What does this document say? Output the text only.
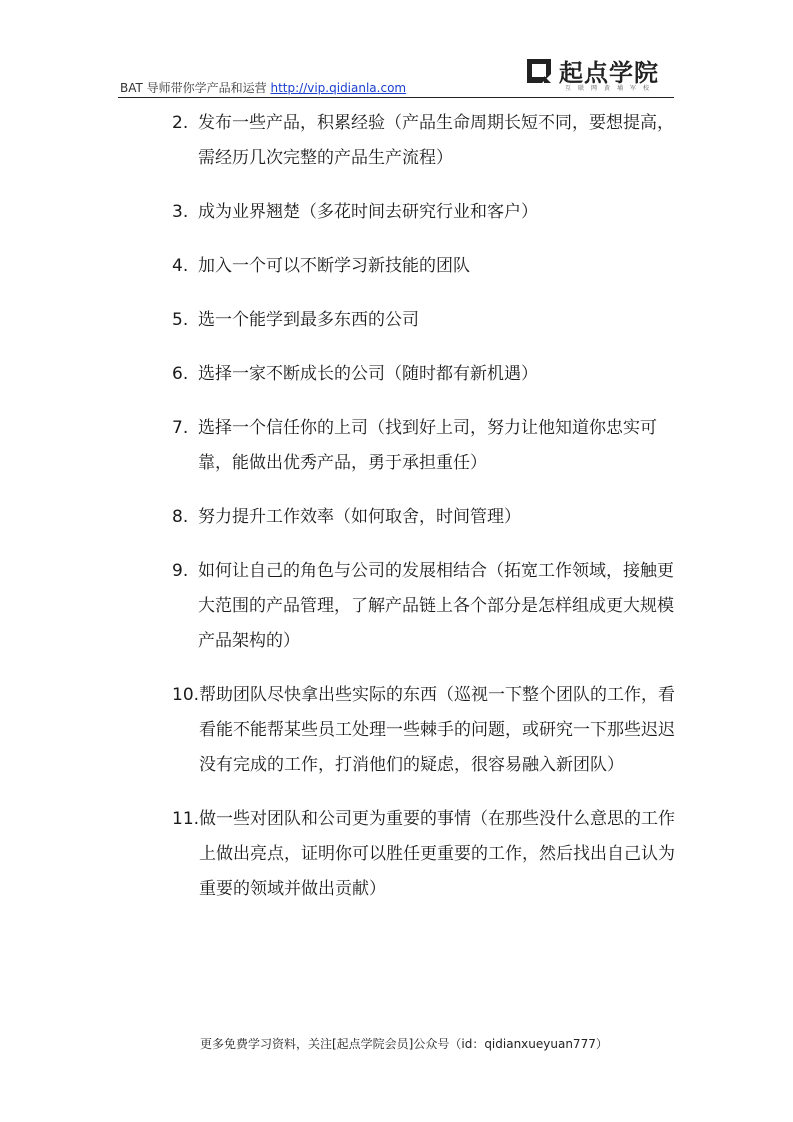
BAT 导师带你学产品和运营 http://vip.qidianla.com
起点学院
互联网黄埔军校
2. 发布一些产品，积累经验（产品生命周期长短不同，要想提高，需经历几次完整的产品生产流程）
3. 成为业界翘楚（多花时间去研究行业和客户）
4. 加入一个可以不断学习新技能的团队
5. 选一个能学到最多东西的公司
6. 选择一家不断成长的公司（随时都有新机遇）
7. 选择一个信任你的上司（找到好上司，努力让他知道你忠实可靠，能做出优秀产品，勇于承担重任）
8. 努力提升工作效率（如何取舍，时间管理）
9. 如何让自己的角色与公司的发展相结合（拓宽工作领域，接触更大范围的产品管理，了解产品链上各个部分是怎样组成更大规模产品架构的）
10. 帮助团队尽快拿出些实际的东西（巡视一下整个团队的工作，看看能不能帮某些员工处理一些棘手的问题，或研究一下那些迟迟没有完成的工作，打消他们的疑虑，很容易融入新团队）
11. 做一些对团队和公司更为重要的事情（在那些没什么意思的工作上做出亮点，证明你可以胜任更重要的工作，然后找出自己认为重要的领域并做出贡献）
更多免费学习资料，关注[起点学院会员]公众号（id：qidianxueyuan777）
